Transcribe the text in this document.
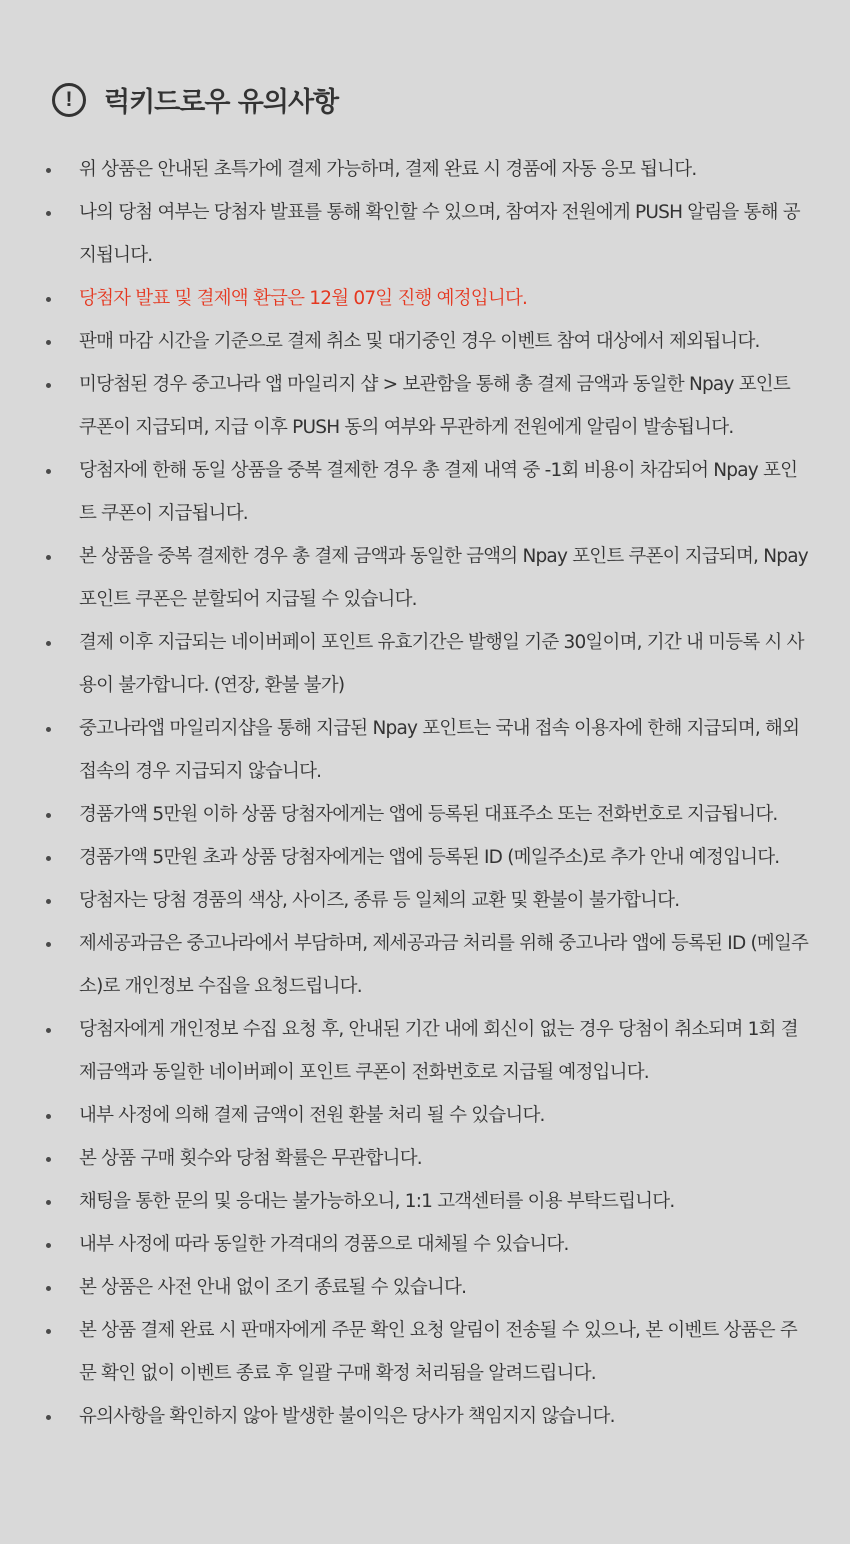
!	럭키드로우 유의사항
위 상품은 안내된 초특가에 결제 가능하며, 결제 완료 시 경품에 자동 응모 됩니다.
나의 당첨 여부는 당첨자 발표를 통해 확인할 수 있으며, 참여자 전원에게 PUSH 알림을 통해 공지됩니다.
당첨자 발표 및 결제액 환급은 12월 07일 진행 예정입니다.
판매 마감 시간을 기준으로 결제 취소 및 대기중인 경우 이벤트 참여 대상에서 제외됩니다.
미당첨된 경우 중고나라 앱 마일리지 샵 > 보관함을 통해 총 결제 금액과 동일한 Npay 포인트 쿠폰이 지급되며, 지급 이후 PUSH 동의 여부와 무관하게 전원에게 알림이 발송됩니다.
당첨자에 한해 동일 상품을 중복 결제한 경우 총 결제 내역 중 -1회 비용이 차감되어 Npay 포인트 쿠폰이 지급됩니다.
본 상품을 중복 결제한 경우 총 결제 금액과 동일한 금액의 Npay 포인트 쿠폰이 지급되며, Npay 포인트 쿠폰은 분할되어 지급될 수 있습니다.
결제 이후 지급되는 네이버페이 포인트 유효기간은 발행일 기준 30일이며, 기간 내 미등록 시 사용이 불가합니다. (연장, 환불 불가)
중고나라앱 마일리지샵을 통해 지급된 Npay 포인트는 국내 접속 이용자에 한해 지급되며, 해외 접속의 경우 지급되지 않습니다.
경품가액 5만원 이하 상품 당첨자에게는 앱에 등록된 대표주소 또는 전화번호로 지급됩니다.
경품가액 5만원 초과 상품 당첨자에게는 앱에 등록된 ID (메일주소)로 추가 안내 예정입니다.
당첨자는 당첨 경품의 색상, 사이즈, 종류 등 일체의 교환 및 환불이 불가합니다.
제세공과금은 중고나라에서 부담하며, 제세공과금 처리를 위해 중고나라 앱에 등록된 ID (메일주소)로 개인정보 수집을 요청드립니다.
당첨자에게 개인정보 수집 요청 후, 안내된 기간 내에 회신이 없는 경우 당첨이 취소되며 1회 결제금액과 동일한 네이버페이 포인트 쿠폰이 전화번호로 지급될 예정입니다.
내부 사정에 의해 결제 금액이 전원 환불 처리 될 수 있습니다.
본 상품 구매 횟수와 당첨 확률은 무관합니다.
채팅을 통한 문의 및 응대는 불가능하오니, 1:1 고객센터를 이용 부탁드립니다.
내부 사정에 따라 동일한 가격대의 경품으로 대체될 수 있습니다.
본 상품은 사전 안내 없이 조기 종료될 수 있습니다.
본 상품 결제 완료 시 판매자에게 주문 확인 요청 알림이 전송될 수 있으나, 본 이벤트 상품은 주문 확인 없이 이벤트 종료 후 일괄 구매 확정 처리됨을 알려드립니다.
유의사항을 확인하지 않아 발생한 불이익은 당사가 책임지지 않습니다.
